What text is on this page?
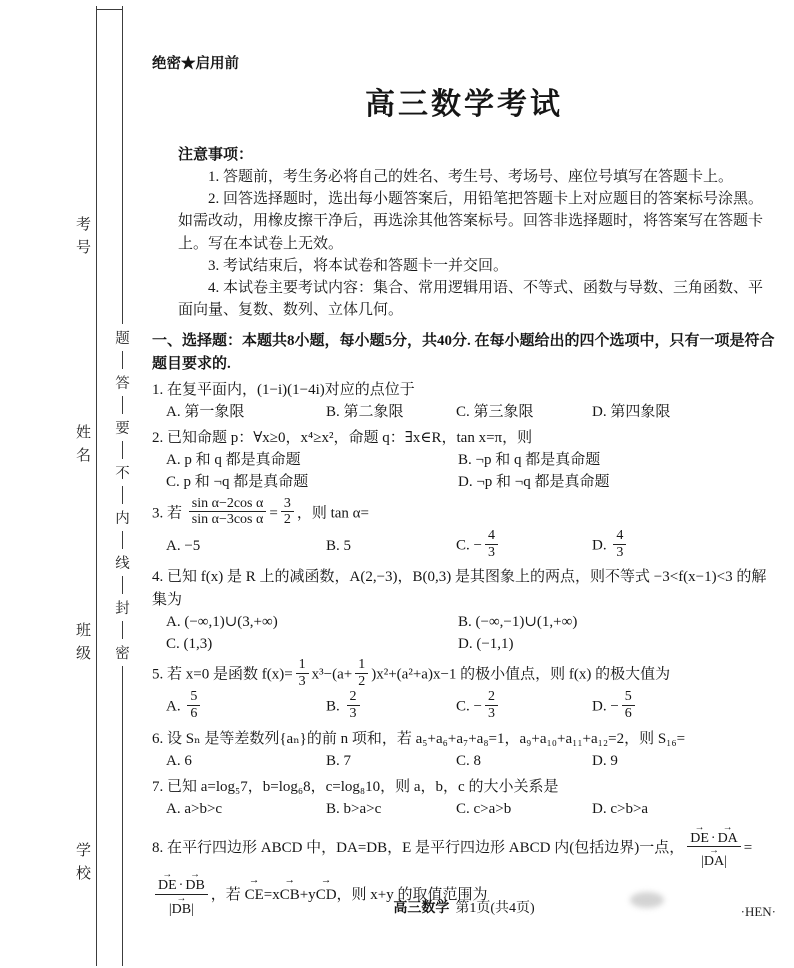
考号
姓名
班级
学校
题
答
要
不
内
线
封
密
绝密★启用前
高三数学考试
注意事项：

1. 答题前，考生务必将自己的姓名、考生号、考场号、座位号填写在答题卡上。

2. 回答选择题时，选出每小题答案后，用铅笔把答题卡上对应题目的答案标号涂黑。如需改动，用橡皮擦干净后，再选涂其他答案标号。回答非选择题时，将答案写在答题卡上。写在本试卷上无效。

3. 考试结束后，将本试卷和答题卡一并交回。

4. 本试卷主要考试内容：集合、常用逻辑用语、不等式、函数与导数、三角函数、平面向量、复数、数列、立体几何。

一、选择题：本题共8小题，每小题5分，共40分. 在每小题给出的四个选项中，只有一项是符合题目要求的.

1. 在复平面内，(1−i)(1−4i)对应的点位于

A. 第一象限	B. 第二象限	C. 第三象限	D. 第四象限

2. 已知命题 p：∀x≥0，x⁴≥x²，命题 q：∃x∈R，tan x=π，则

A. p 和 q 都是真命题	B. ¬p 和 q 都是真命题
C. p 和 ¬q 都是真命题	D. ¬p 和 ¬q 都是真命题

3. 若 $\frac{\text{sin α−2cos α}}{\text{sin α−3cos α}} = \frac{3}{2}$ ，则 tan α=

A. −5	B. 5	C. − $\frac{4}{3}$	D. $\frac{4}{3}$

4. 已知 f(x) 是 R 上的减函数，A(2,−3)，B(0,3) 是其图象上的两点，则不等式 −3<f(x−1)<3 的解集为

A. (−∞,1)∪(3,+∞)	B. (−∞,−1)∪(1,+∞)
C. (1,3)	D. (−1,1)

5. 若 x=0 是函数 $f(x)= \frac{1}{3} x^3-(a+ \frac{1}{2} )x^2+(a^2+a)x-1$ 的极小值点，则 f(x) 的极大值为

A. $\frac{5}{6}$	B. $\frac{2}{3}$	C. − $\frac{2}{3}$	D. − $\frac{5}{6}$

6. 设 Sₙ 是等差数列{aₙ}的前 n 项和，若 a₅+a₆+a₇+a₈=1，a₉+a₁₀+a₁₁+a₁₂=2，则 S₁₆=

A. 6	B. 7	C. 8	D. 9

7. 已知 a=log₅7，b=log₆8，c=log₈10，则 a，b，c 的大小关系是

A. a>b>c	B. b>a>c	C. c>a>b	D. c>b>a

8. 在平行四边形 ABCD 中，DA=DB，E 是平行四边形 ABCD 内(包括边界)一点， $\frac{DE \to \cdot DA \to}{|DA \to|}$ =
$\frac{DE \to \cdot DB \to}{|DB \to|}$ ，若 CE →=xCB →+yCD →，则 x+y 的取值范围为

高三数学 第1页(共4页)	·HEN·
